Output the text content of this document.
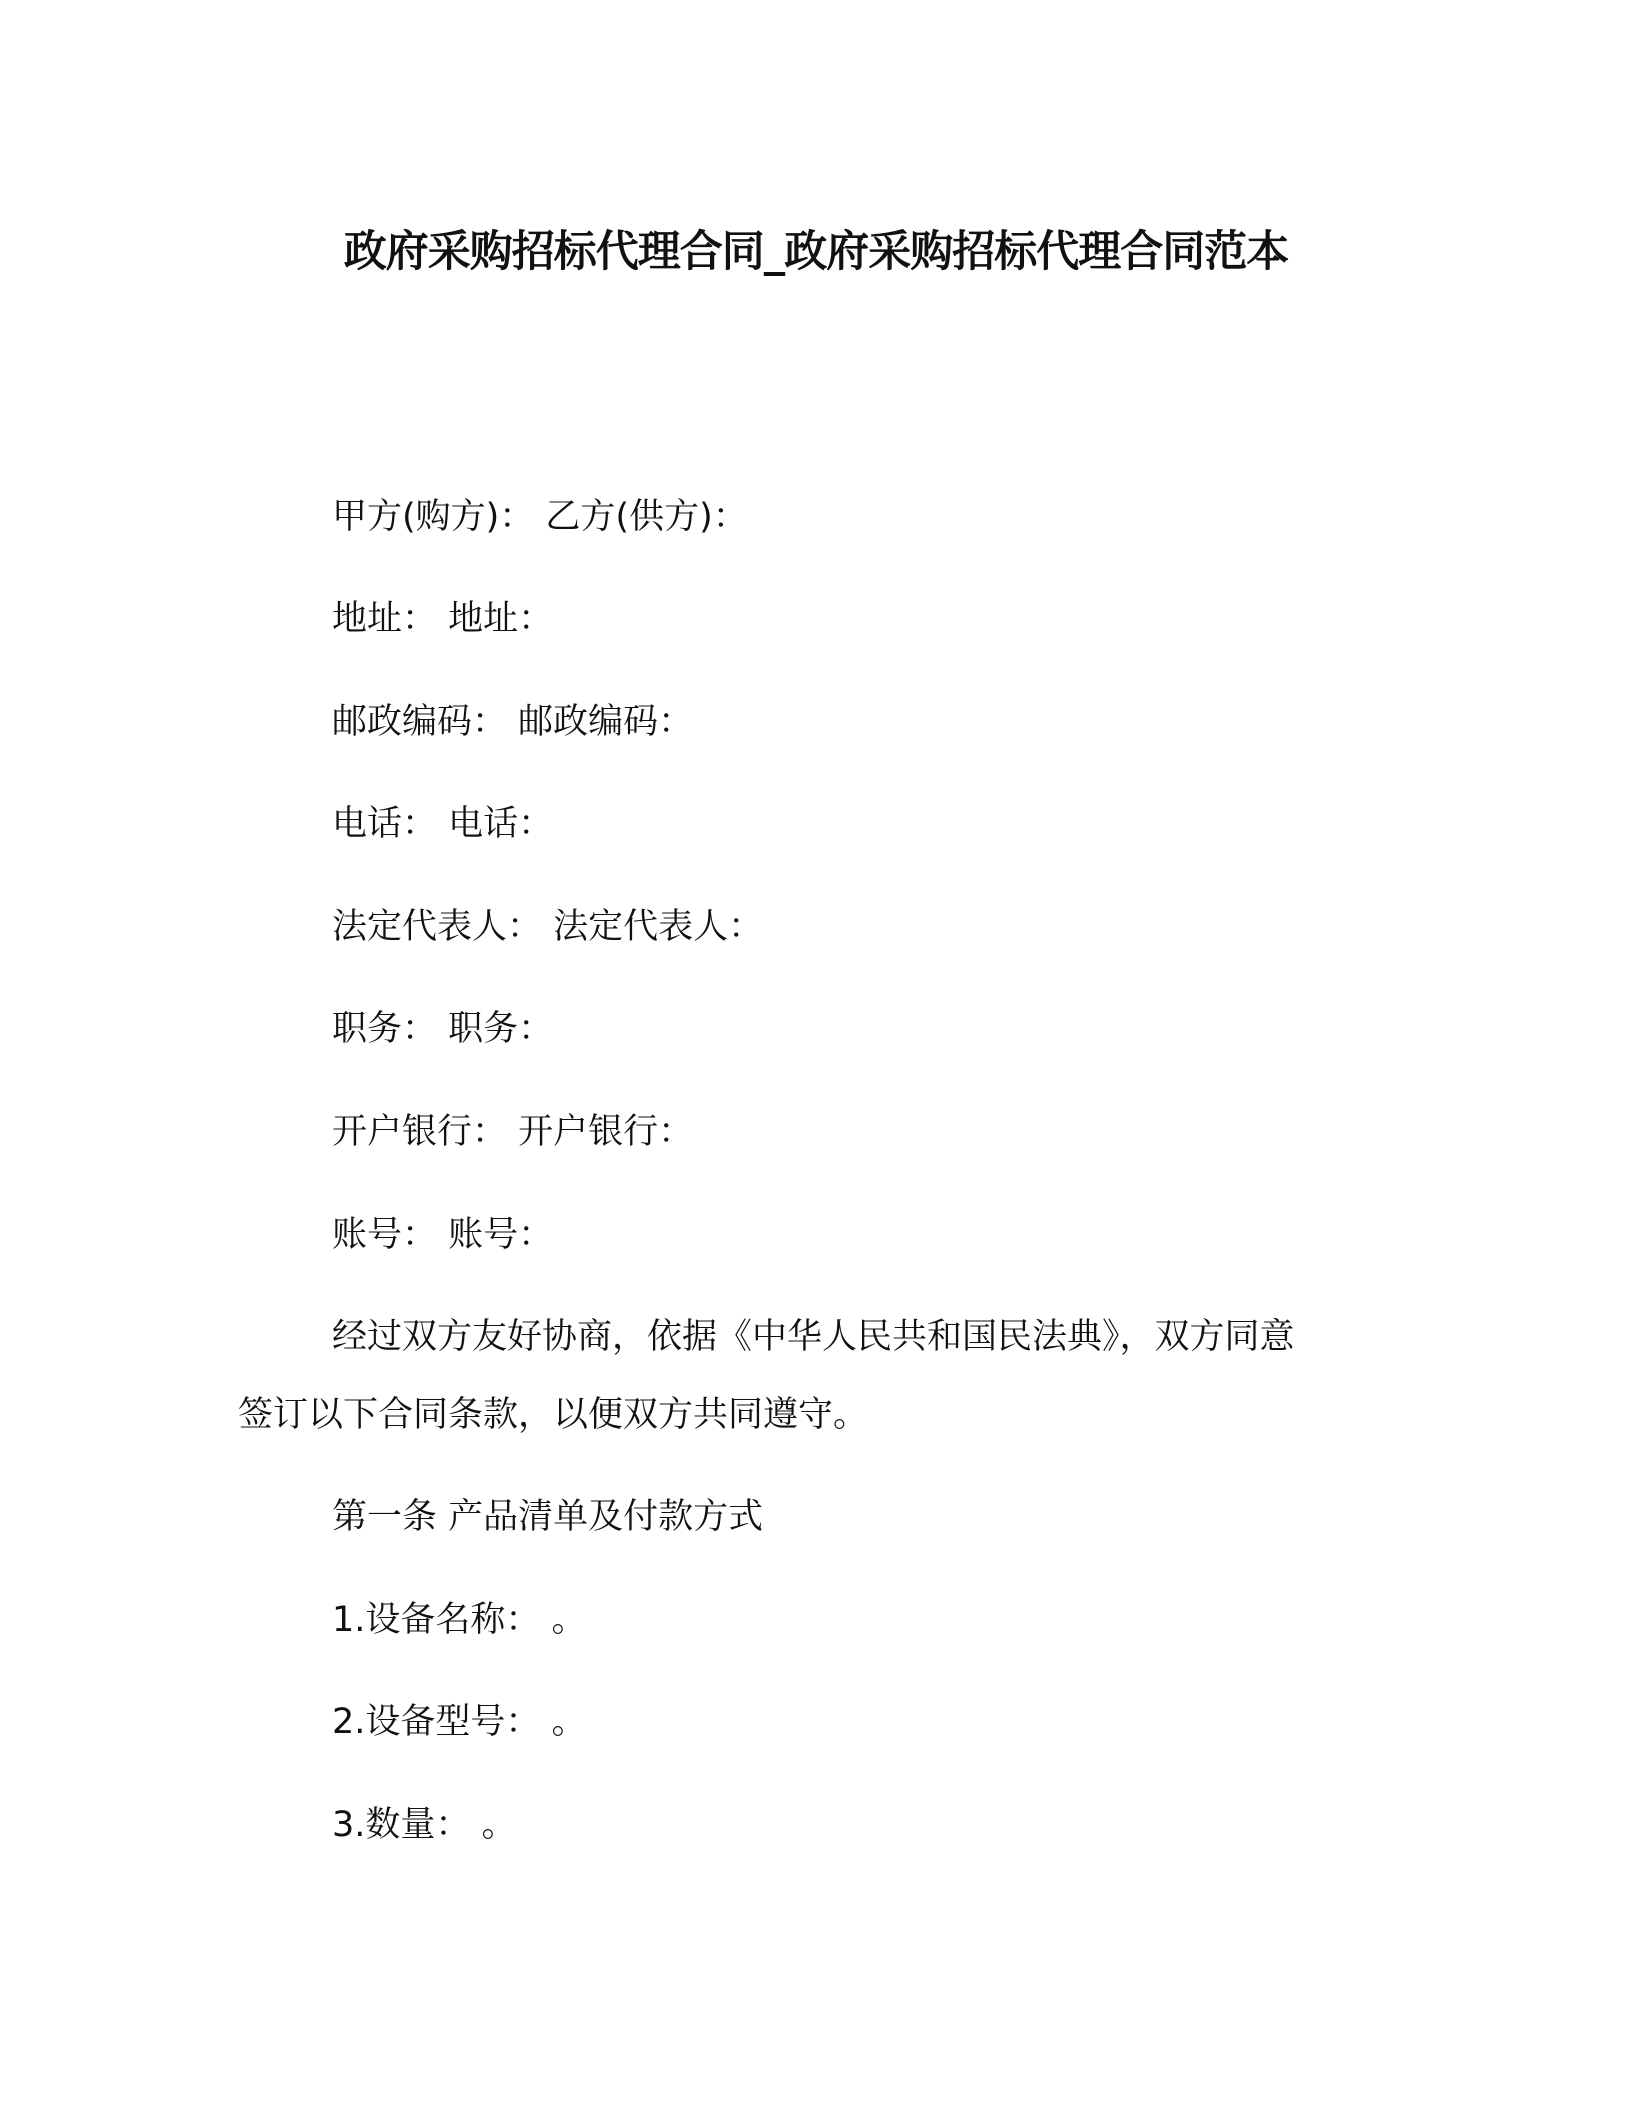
政府采购招标代理合同_政府采购招标代理合同范本
甲方(购方)： 乙方(供方)：
地址： 地址：
邮政编码： 邮政编码：
电话： 电话：
法定代表人： 法定代表人：
职务： 职务：
开户银行： 开户银行：
账号： 账号：
经过双方友好协商，依据《中华人民共和国民法典》，双方同意
签订以下合同条款，以便双方共同遵守。
第一条 产品清单及付款方式
1.设备名称： 。
2.设备型号： 。
3.数量： 。
